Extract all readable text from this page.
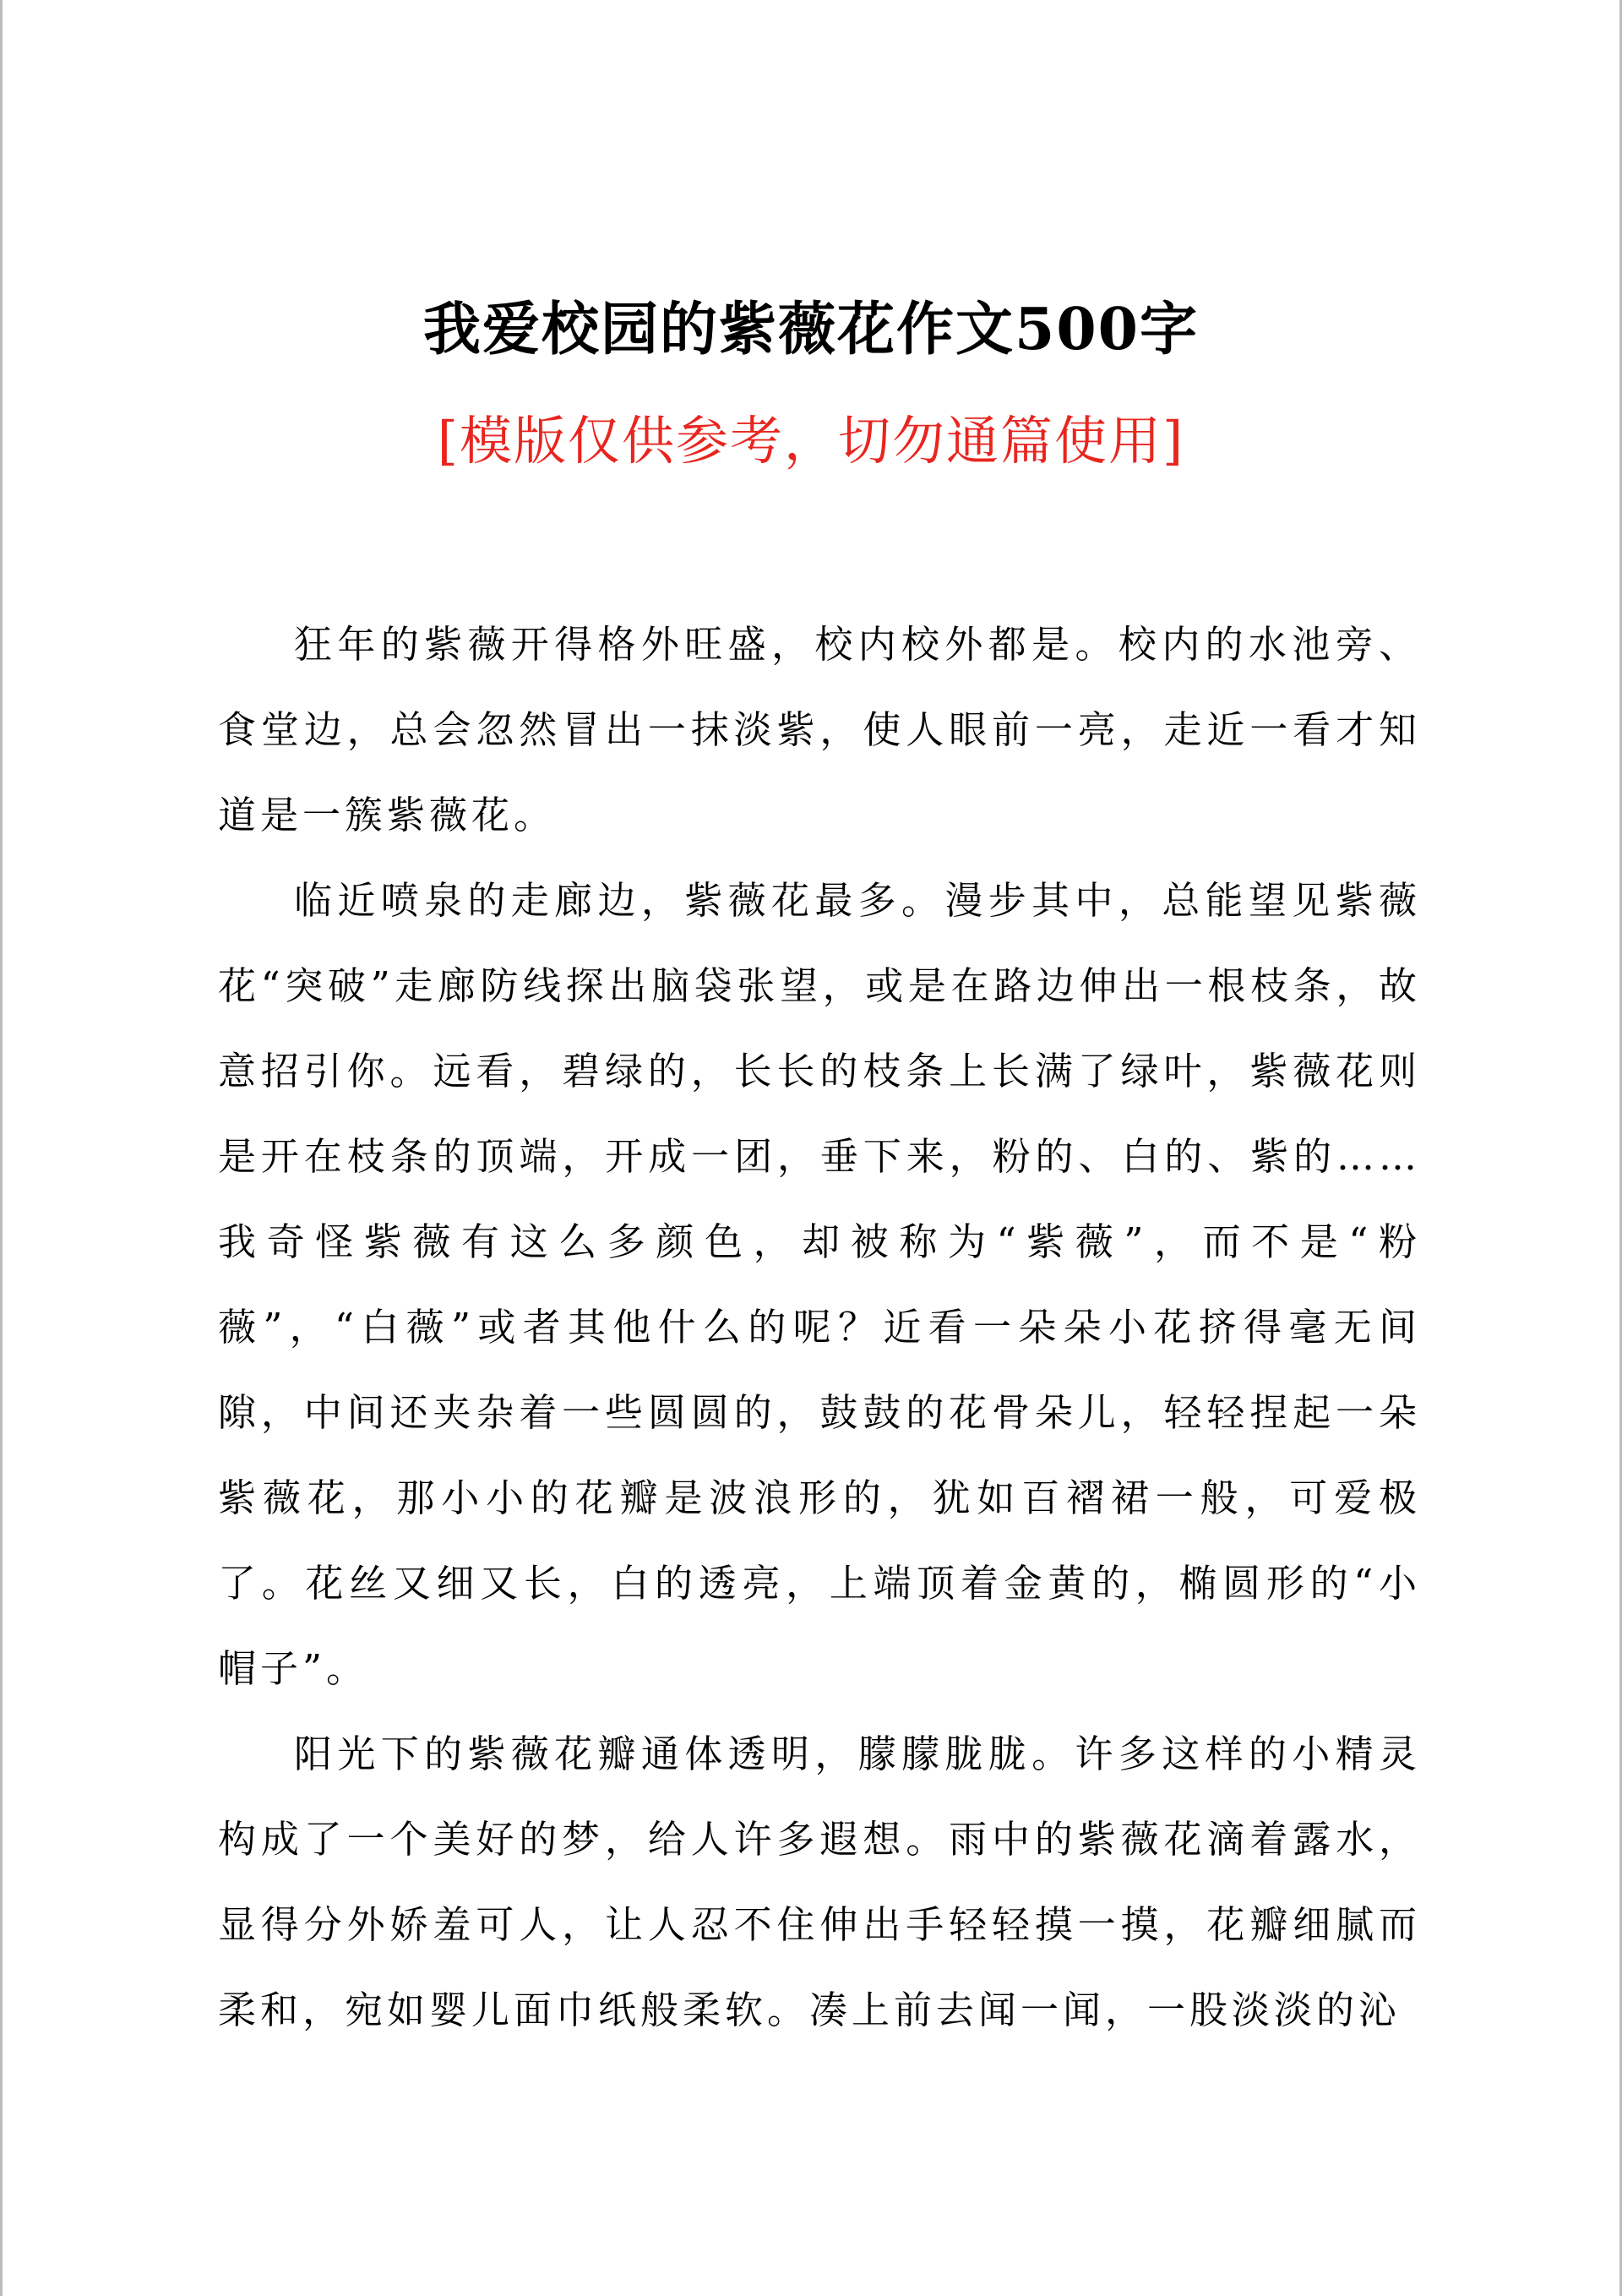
我爱校园的紫薇花作文500字
[模版仅供参考，切勿通篇使用]

狂年的紫薇开得格外旺盛，校内校外都是。校内的水池旁、食堂边，总会忽然冒出一抹淡紫，使人眼前一亮，走近一看才知道是一簇紫薇花。

临近喷泉的走廊边，紫薇花最多。漫步其中，总能望见紫薇花“突破”走廊防线探出脑袋张望，或是在路边伸出一根枝条，故意招引你。远看，碧绿的，长长的枝条上长满了绿叶，紫薇花则是开在枝条的顶端，开成一团，垂下来，粉的、白的、紫的……我奇怪紫薇有这么多颜色，却被称为“紫薇”，而不是“粉薇”，“白薇”或者其他什么的呢？近看一朵朵小花挤得毫无间隙，中间还夹杂着一些圆圆的，鼓鼓的花骨朵儿，轻轻捏起一朵紫薇花，那小小的花瓣是波浪形的，犹如百褶裙一般，可爱极了。花丝又细又长，白的透亮，上端顶着金黄的，椭圆形的“小帽子”。

阳光下的紫薇花瓣通体透明，朦朦胧胧。许多这样的小精灵构成了一个美好的梦，给人许多遐想。雨中的紫薇花滴着露水，显得分外娇羞可人，让人忍不住伸出手轻轻摸一摸，花瓣细腻而柔和，宛如婴儿面巾纸般柔软。凑上前去闻一闻，一股淡淡的沁
